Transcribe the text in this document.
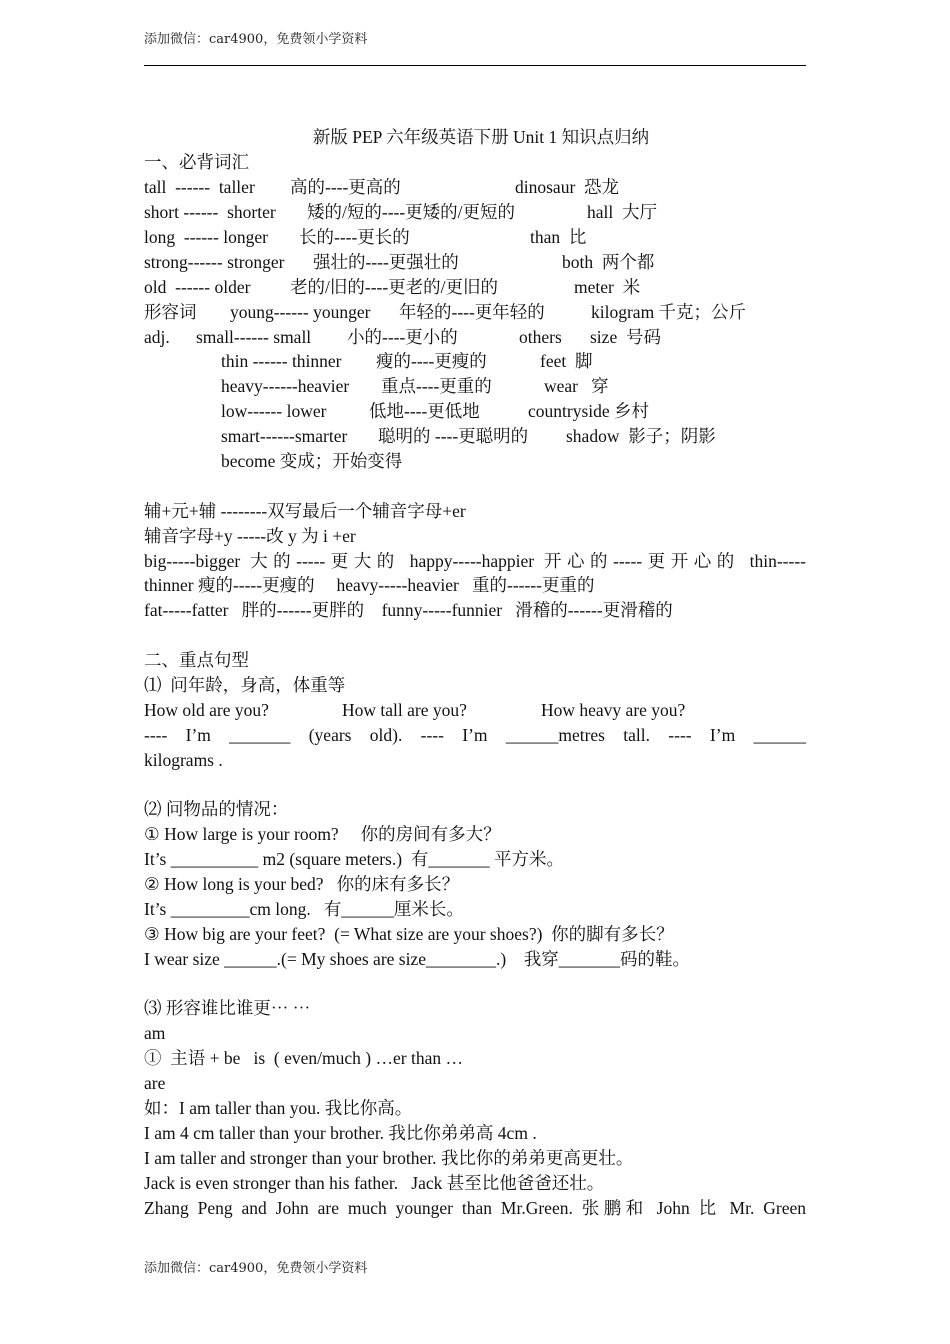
添加微信：car4900，免费领小学资料
新版 PEP 六年级英语下册 Unit 1 知识点归纳
一、必背词汇
tall  ------  taller 高的----更高的	dinosaur  恐龙
short ------  shorter 矮的/短的----更矮的/更短的	hall  大厅
long  ------ longer 长的----更长的	than  比
strong------ stronger 强壮的----更强壮的	both  两个都
old  ------ older 老的/旧的----更老的/更旧的	meter  米
形容词 young------ younger 年轻的----更年轻的	kilogram 千克；公斤
adj. small------ small 小的----更小的	others size  号码
thin ------ thinner 瘦的----更瘦的	feet  脚
heavy------heavier 重点----更重的	wear   穿
low------ lower 低地----更低地	countryside 乡村
smart------smarter 聪明的 ----更聪明的 shadow  影子；阴影
become 变成；开始变得
辅+元+辅 --------双写最后一个辅音字母+er
辅音字母+y -----改 y 为 i +er
big-----bigger 大的-----更大的 happy-----happier 开心的-----更开心的 thin-----
thinner 瘦的-----更瘦的     heavy-----heavier   重的------更重的
fat-----fatter   胖的------更胖的    funny-----funnier   滑稽的------更滑稽的
二、重点句型
⑴  问年龄，身高，体重等
How old are you?	How tall are you?	How heavy are you?
---- I’m _______ (years old). ---- I’m ______metres tall. ---- I’m ______
kilograms .
⑵ 问物品的情况：
① How large is your room?     你的房间有多大？
It’s __________ m2 (square meters.)  有_______ 平方米。
② How long is your bed?   你的床有多长？
It’s _________cm long.   有______厘米长。
③ How big are your feet?  (= What size are your shoes?)  你的脚有多长？
I wear size ______.(= My shoes are size________.)    我穿_______码的鞋。
⑶ 形容谁比谁更⋯ ⋯
am
①  主语 + be   is  ( even/much ) …er than …
are
如：I am taller than you. 我比你高。
I am 4 cm taller than your brother. 我比你弟弟高 4cm .
I am taller and stronger than your brother. 我比你的弟弟更高更壮。
Jack is even stronger than his father.   Jack 甚至比他爸爸还壮。
Zhang Peng and John are much younger than Mr.Green. 张鹏和 John 比 Mr. Green
添加微信：car4900，免费领小学资料
